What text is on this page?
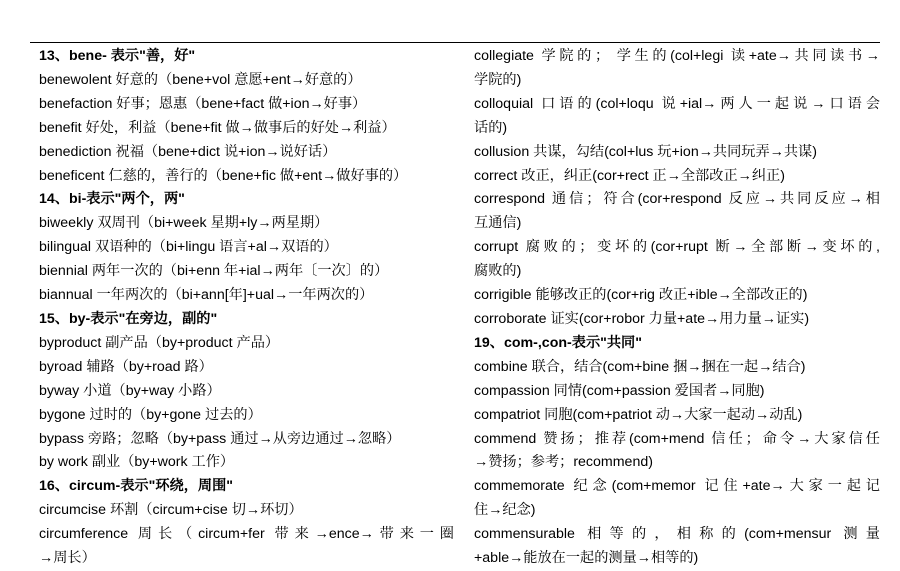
13、bene- 表示"善，好"
benewolent 好意的（bene+vol 意愿+ent→好意的）
benefaction 好事；恩惠（bene+fact 做+ion→好事）
benefit 好处，利益（bene+fit 做→做事后的好处→利益）
benediction 祝福（bene+dict 说+ion→说好话）
beneficent 仁慈的，善行的（bene+fic 做+ent→做好事的）
14、bi-表示"两个，两"
biweekly 双周刊（bi+week 星期+ly→两星期）
bilingual 双语种的（bi+lingu 语言+al→双语的）
biennial 两年一次的（bi+enn 年+ial→两年〔一次〕的）
biannual 一年两次的（bi+ann[年]+ual→一年两次的）
15、by-表示"在旁边，副的"
byproduct 副产品（by+product 产品）
byroad 辅路（by+road 路）
byway 小道（by+way 小路）
bygone 过时的（by+gone 过去的）
bypass 旁路；忽略（by+pass 通过→从旁边通过→忽略）
by work 副业（by+work 工作）
16、circum-表示"环绕，周围"
circumcise 环割（circum+cise 切→环切）
circumference 周长（circum+fer 带来→ence→带来一圈
→周长）
collegiate 学院的； 学生的(col+legi 读+ate→共同读书→
学院的)
colloquial 口语的(col+loqu 说+ial→两人一起说→口语会
话的)
collusion 共谋，勾结(col+lus 玩+ion→共同玩弄→共谋)
correct 改正，纠正(cor+rect 正→全部改正→纠正)
correspond 通信；符合(cor+respond 反应→共同反应→相
互通信)
corrupt 腐败的；变坏的(cor+rupt 断→全部断→变坏的,
腐败的)
corrigible 能够改正的(cor+rig 改正+ible→全部改正的)
corroborate 证实(cor+robor 力量+ate→用力量→证实)
19、com-,con-表示"共同"
combine 联合，结合(com+bine 捆→捆在一起→结合)
compassion 同情(com+passion 爱国者→同胞)
compatriot 同胞(com+patriot 动→大家一起动→动乱)
commend 赞扬；推荐(com+mend 信任；命令→大家信任
→赞扬；参考；recommend)
commemorate 纪念(com+memor 记住+ate→大家一起记
住→纪念)
commensurable 相等的，相称的(com+mensur 测量
+able→能放在一起的测量→相等的)
